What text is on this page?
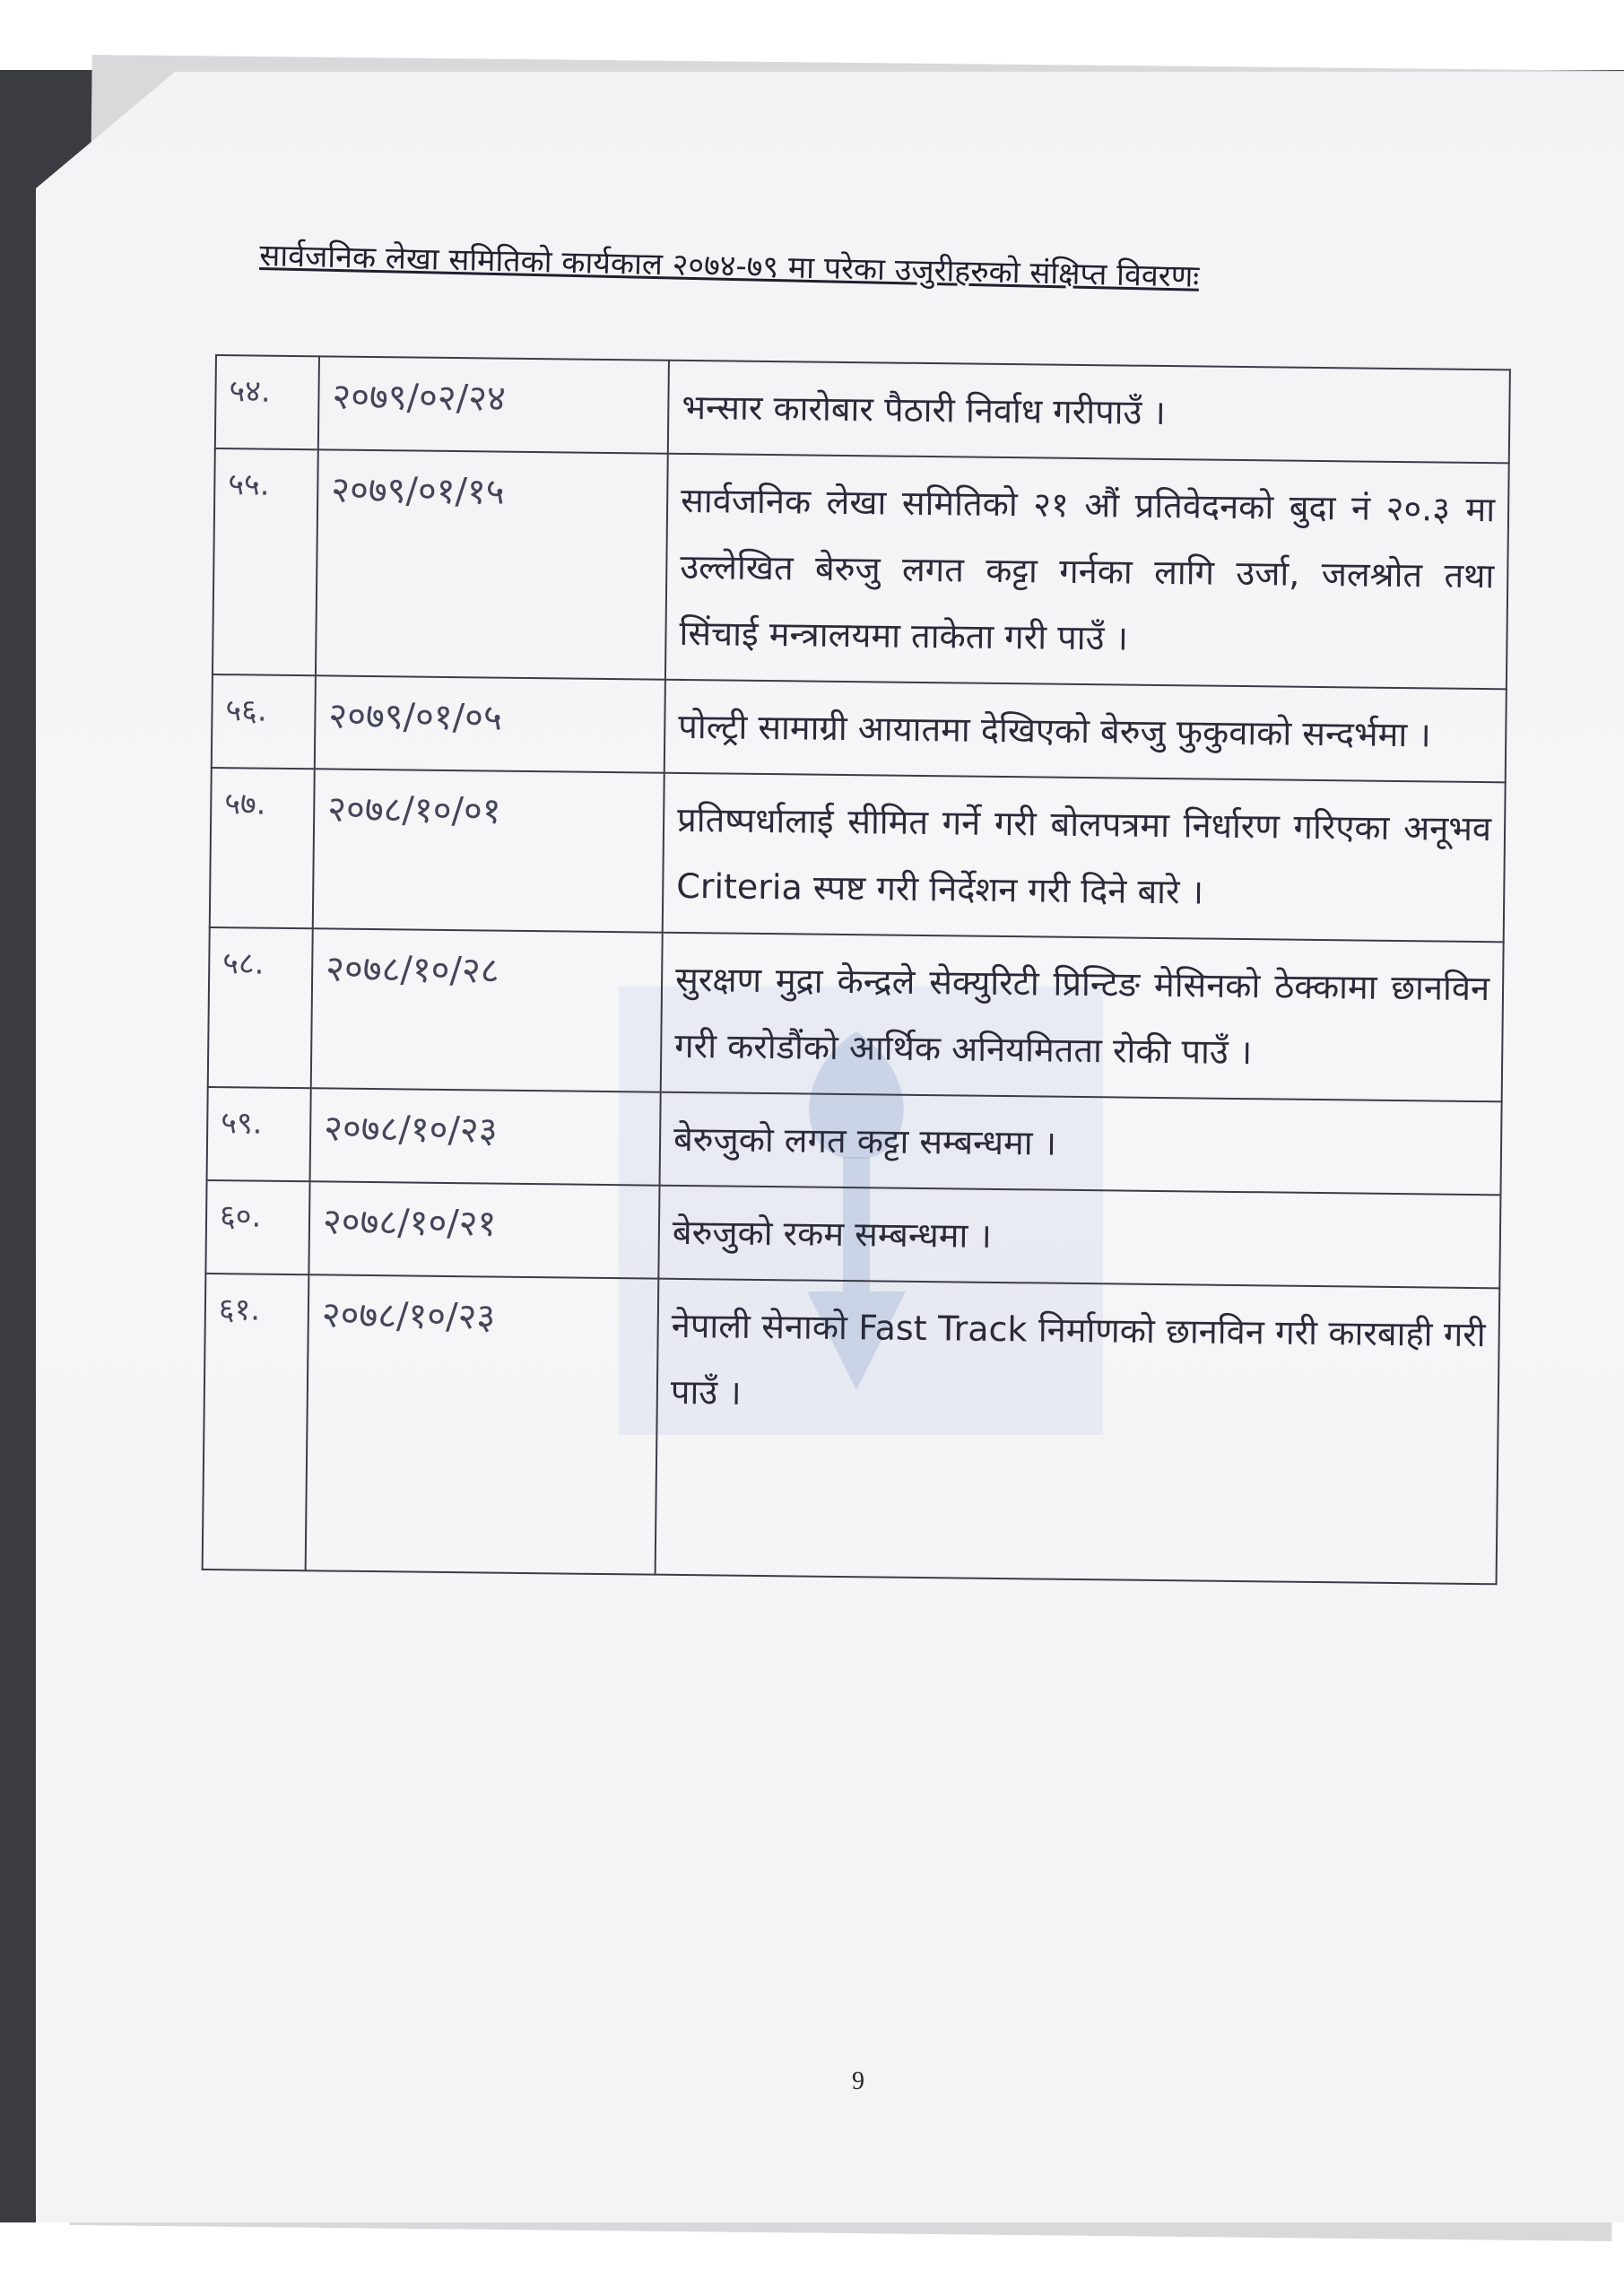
सार्वजनिक लेखा समितिको कार्यकाल २०७४-७९ मा परेका उजुरीहरुको संक्षिप्त विवरणः
५४.	२०७९/०२/२४	भन्सार कारोबार पैठारी निर्वाध गरीपाउँ ।
५५.	२०७९/०१/१५	सार्वजनिक लेखा समितिको २१ औं प्रतिवेदनको बुदा नं २०.३ मा उल्लेखित बेरुजु लगत कट्टा गर्नका लागि उर्जा, जलश्रोत तथा सिंचाई मन्त्रालयमा ताकेता गरी पाउँ ।
५६.	२०७९/०१/०५	पोल्ट्री सामाग्री आयातमा देखिएको बेरुजु फुकुवाको सन्दर्भमा ।
५७.	२०७८/१०/०१	प्रतिष्पर्धालाई सीमित गर्ने गरी बोलपत्रमा निर्धारण गरिएका अनूभव Criteria स्पष्ट गरी निर्देशन गरी दिने बारे ।
५८.	२०७८/१०/२८	सुरक्षण मुद्रा केन्द्रले सेक्युरिटी प्रिन्टिङ मेसिनको ठेक्कामा छानविन गरी करोडौंको आर्थिक अनियमितता रोकी पाउँ ।
५९.	२०७८/१०/२३	बेरुजुको लगत कट्टा सम्बन्धमा ।
६०.	२०७८/१०/२१	बेरुजुको रकम सम्बन्धमा ।
६१.	२०७८/१०/२३	नेपाली सेनाको Fast Track निर्माणको छानविन गरी कारबाही गरी पाउँ ।
9
